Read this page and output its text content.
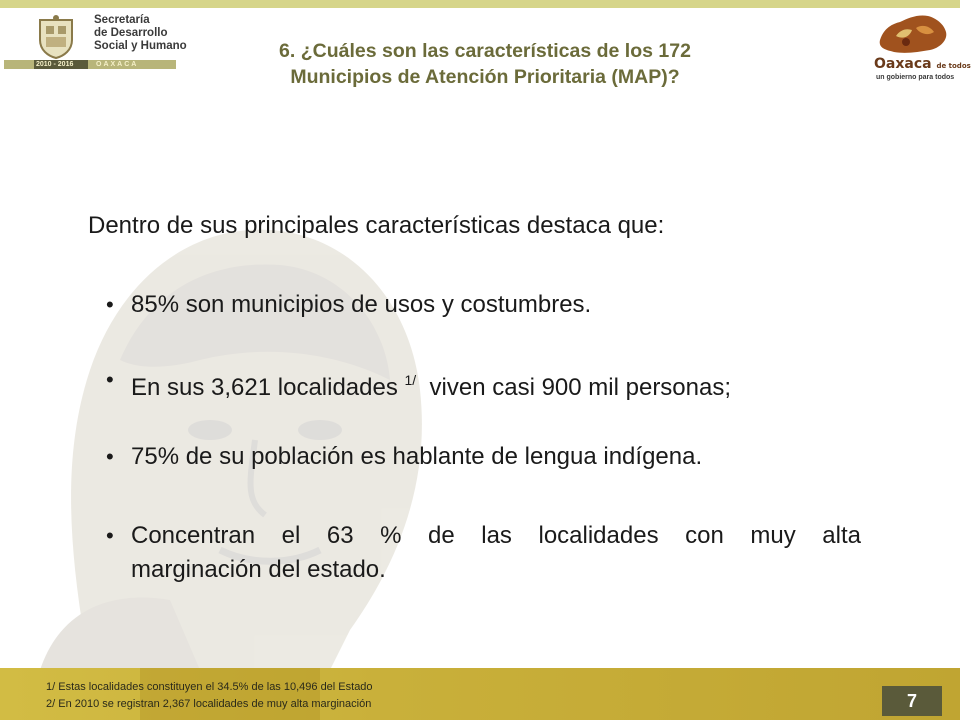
Secretaría
de Desarrollo
Social y Humano
2010 - 2016	OAXACA	Oaxaca de todos
un gobierno para todos
6. ¿Cuáles son las características de los 172
Municipios de Atención Prioritaria (MAP)?
Dentro de sus principales características destaca que:
• 85% son municipios de usos y costumbres.
• En sus 3,621 localidades $^{1/}$  viven casi 900 mil personas;
• 75% de su población es hablante de lengua indígena.
• Concentran el 63 % de las localidades con muy alta
marginación del estado.
1/ Estas localidades constituyen el 34.5% de las 10,496 del Estado
2/ En 2010 se registran 2,367 localidades de muy alta marginación	7
